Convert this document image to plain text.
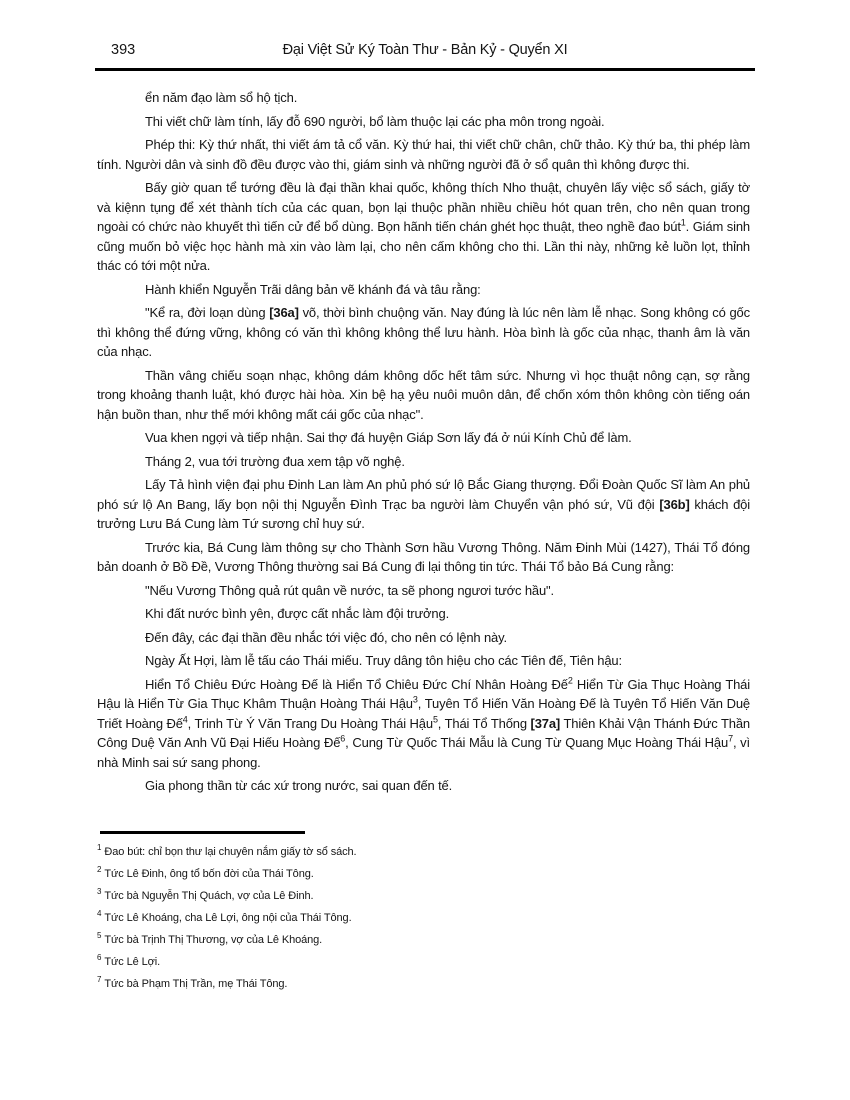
393	Đại Việt Sử Ký Toàn Thư - Bản Kỷ - Quyển XI

ển năm đạo làm sổ hộ tịch.

Thi viết chữ làm tính, lấy đỗ 690 người, bổ làm thuộc lại các pha môn trong ngoài.

Phép thi: Kỳ thứ nhất, thi viết ám tả cổ văn. Kỳ thứ hai, thi viết chữ chân, chữ thảo. Kỳ thứ ba, thi phép làm tính. Người dân và sinh đồ đều được vào thi, giám sinh và những người đã ở sổ quân thì không được thi.

Bấy giờ quan tể tướng đều là đại thần khai quốc, không thích Nho thuật, chuyên lấy việc sổ sách, giấy tờ và kiệnn tụng để xét thành tích của các quan, bọn lại thuộc phần nhiều chiều hót quan trên, cho nên quan trong ngoài có chức nào khuyết thì tiến cử để bổ dùng. Bọn hãnh tiến chán ghét học thuật, theo nghề đao bút$^1$. Giám sinh cũng muốn bỏ việc học hành mà xin vào làm lại, cho nên cấm không cho thi. Lần thi này, những kẻ luồn lọt, thỉnh thác có tới một nửa.

Hành khiển Nguyễn Trãi dâng bản vẽ khánh đá và tâu rằng:

"Kể ra, đời loạn dùng [36a] võ, thời bình chuộng văn. Nay đúng là lúc nên làm lễ nhạc. Song không có gốc thì không thể đứng vững, không có văn thì không không thể lưu hành. Hòa bình là gốc của nhạc, thanh âm là văn của nhạc.

Thần vâng chiếu soạn nhạc, không dám không dốc hết tâm sức. Nhưng vì học thuật nông cạn, sợ rằng trong khoảng thanh luật, khó được hài hòa. Xin bệ hạ yêu nuôi muôn dân, để chốn xóm thôn không còn tiếng oán hận buồn than, như thế mới không mất cái gốc của nhạc".

Vua khen ngợi và tiếp nhận. Sai thợ đá huyện Giáp Sơn lấy đá ở núi Kính Chủ để làm.

Tháng 2, vua tới trường đua xem tập võ nghệ.

Lấy Tả hình viện đại phu Đinh Lan làm An phủ phó sứ lộ Bắc Giang thượng. Đổi Đoàn Quốc Sĩ làm An phủ phó sứ lộ An Bang, lấy bọn nội thị Nguyễn Đình Trạc ba người làm Chuyển vận phó sứ, Vũ đội [36b] khách đội trưởng Lưu Bá Cung làm Tứ sương chỉ huy sứ.

Trước kia, Bá Cung làm thông sự cho Thành Sơn hầu Vương Thông. Năm Đinh Mùi (1427), Thái Tổ đóng bản doanh ở Bồ Đề, Vương Thông thường sai Bá Cung đi lại thông tin tức. Thái Tổ bảo Bá Cung rằng:

"Nếu Vương Thông quả rút quân về nước, ta sẽ phong ngươi tước hầu".

Khi đất nước bình yên, được cất nhắc làm đội trưởng.

Đến đây, các đại thần đều nhắc tới việc đó, cho nên có lệnh này.

Ngày Ất Hợi, làm lễ tấu cáo Thái miếu. Truy dâng tôn hiệu cho các Tiên đế, Tiên hậu:

Hiển Tổ Chiêu Đức Hoàng Đế là Hiển Tổ Chiêu Đức Chí Nhân Hoàng Đế$^2$ Hiển Từ Gia Thục Hoàng Thái Hậu là Hiển Từ Gia Thục Khâm Thuận Hoàng Thái Hậu$^3$, Tuyên Tổ Hiến Văn Hoàng Đế là Tuyên Tổ Hiến Văn Duệ Triết Hoàng Đế$^4$, Trinh Từ Ý Văn Trang Du Hoàng Thái Hậu$^5$, Thái Tổ Thống [37a] Thiên Khải Vận Thánh Đức Thần Công Duệ Văn Anh Vũ Đại Hiếu Hoàng Đế$^6$, Cung Từ Quốc Thái Mẫu là Cung Từ Quang Mục Hoàng Thái Hậu$^7$, vì nhà Minh sai sứ sang phong.

Gia phong thần từ các xứ trong nước, sai quan đến tế.

$^1$ Đao bút: chỉ bọn thư lại chuyên nắm giấy tờ sổ sách.
$^2$ Tức Lê Đinh, ông tổ bốn đời của Thái Tông.
$^3$ Tức bà Nguyễn Thị Quách, vợ của Lê Đinh.
$^4$ Tức Lê Khoáng, cha Lê Lợi, ông nội của Thái Tông.
$^5$ Tức bà Trịnh Thị Thương, vợ của Lê Khoáng.
$^6$ Tức Lê Lợi.
$^7$ Tức bà Phạm Thị Trần, mẹ Thái Tông.
